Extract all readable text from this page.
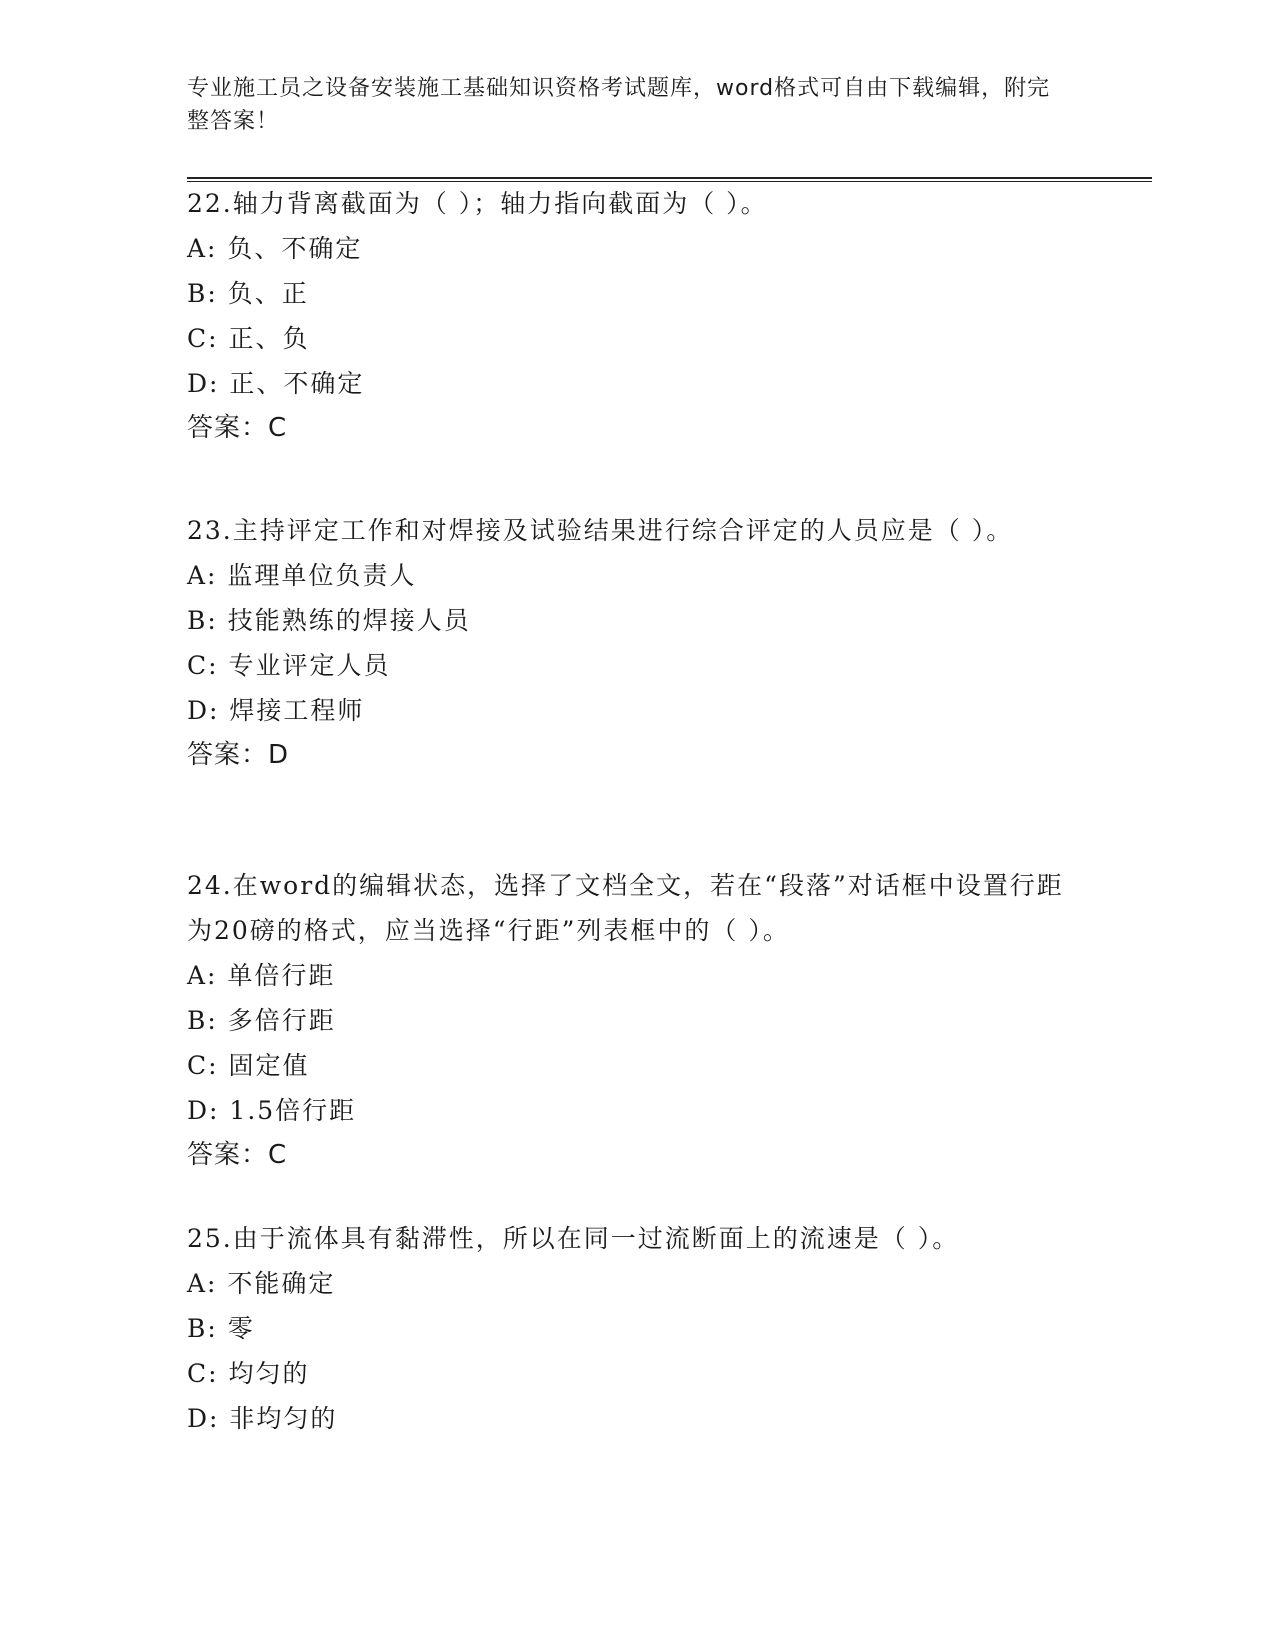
专业施工员之设备安装施工基础知识资格考试题库，word格式可自由下载编辑，附完整答案！
22.轴力背离截面为（ ）；轴力指向截面为（ ）。
A: 负、不确定
B: 负、正
C: 正、负
D: 正、不确定
答案：C
23.主持评定工作和对焊接及试验结果进行综合评定的人员应是（ ）。
A: 监理单位负责人
B: 技能熟练的焊接人员
C: 专业评定人员
D: 焊接工程师
答案：D
24.在word的编辑状态，选择了文档全文，若在“段落”对话框中设置行距为20磅的格式，应当选择“行距”列表框中的（ ）。
A: 单倍行距
B: 多倍行距
C: 固定值
D: 1.5倍行距
答案：C
25.由于流体具有黏滞性，所以在同一过流断面上的流速是（ ）。
A: 不能确定
B: 零
C: 均匀的
D: 非均匀的
